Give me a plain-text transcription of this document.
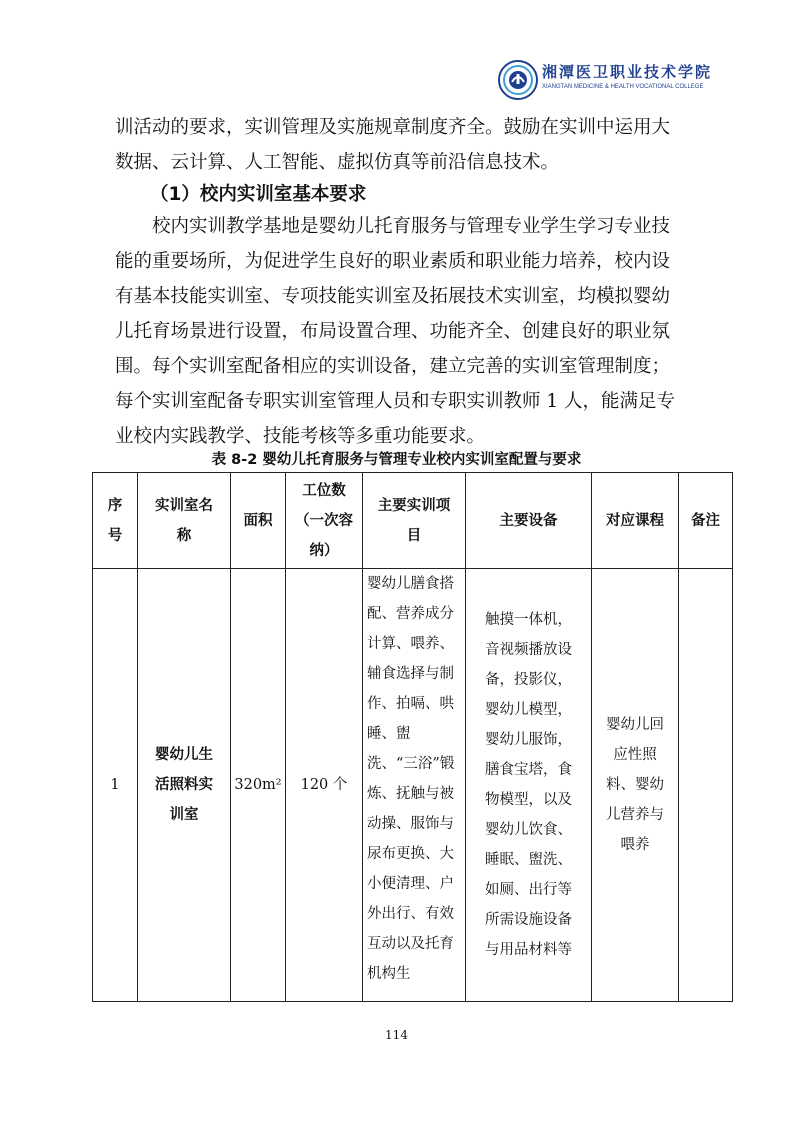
湘潭医卫职业技术学院
XIANGTAN MEDICINE & HEALTH VOCATIONAL COLLEGE

训活动的要求，实训管理及实施规章制度齐全。鼓励在实训中运用大数据、云计算、人工智能、虚拟仿真等前沿信息技术。

（1）校内实训室基本要求

校内实训教学基地是婴幼儿托育服务与管理专业学生学习专业技能的重要场所，为促进学生良好的职业素质和职业能力培养，校内设有基本技能实训室、专项技能实训室及拓展技术实训室，均模拟婴幼儿托育场景进行设置，布局设置合理、功能齐全、创建良好的职业氛围。每个实训室配备相应的实训设备，建立完善的实训室管理制度；每个实训室配备专职实训室管理人员和专职实训教师 1 人，能满足专业校内实践教学、技能考核等多重功能要求。

表 8-2 婴幼儿托育服务与管理专业校内实训室配置与要求
序号	实训室名称	面积	工位数（一次容纳）	主要实训项目	主要设备	对应课程	备注
1	婴幼儿生活照料实训室	320m²	120 个	婴幼儿膳食搭配、营养成分计算、喂养、辅食选择与制作、拍嗝、哄睡、盥洗、“三浴”锻炼、抚触与被动操、服饰与尿布更换、大小便清理、户外出行、有效互动以及托育机构生	触摸一体机，音视频播放设备，投影仪，婴幼儿模型，婴幼儿服饰，膳食宝塔，食物模型，以及婴幼儿饮食、睡眠、盥洗、如厕、出行等所需设施设备与用品材料等	婴幼儿回应性照料、婴幼儿营养与喂养	
114
